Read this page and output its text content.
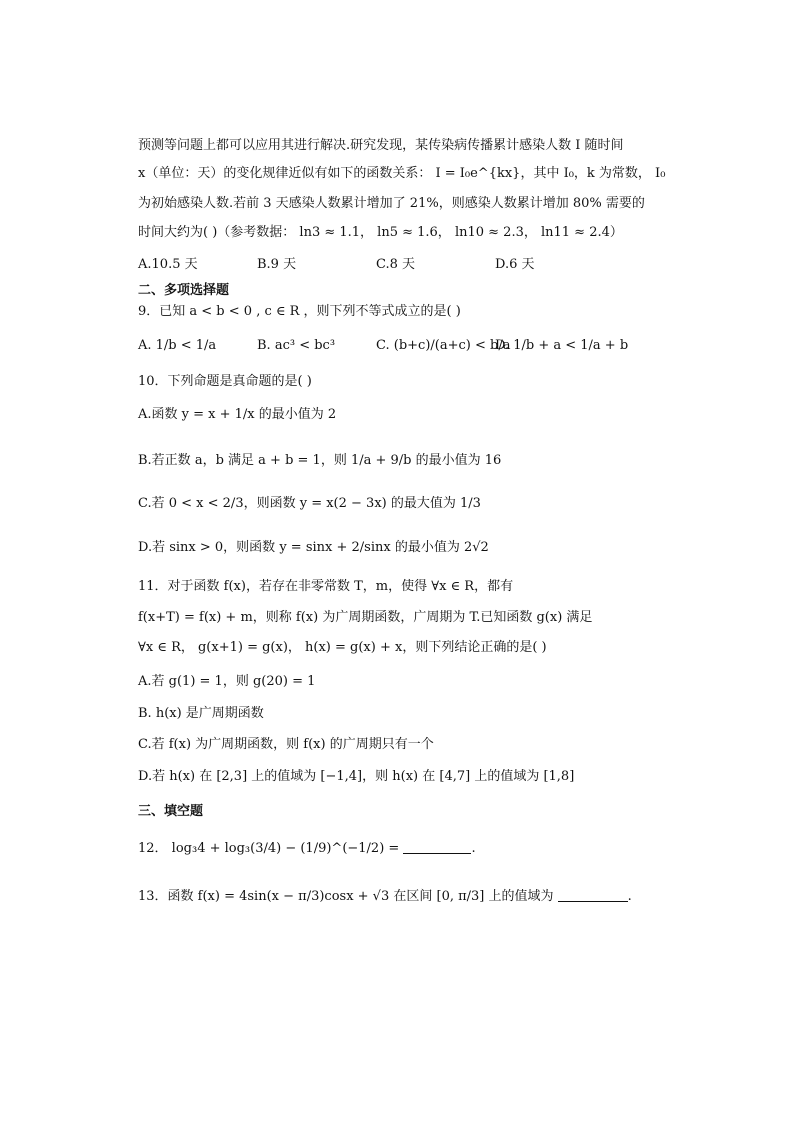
预测等问题上都可以应用其进行解决.研究发现，某传染病传播累计感染人数 I 随时间
x（单位：天）的变化规律近似有如下的函数关系： I = I₀e^{kx}，其中 I₀，k 为常数， I₀
为初始感染人数.若前 3 天感染人数累计增加了 21%，则感染人数累计增加 80% 需要的
时间大约为( )（参考数据： ln3 ≈ 1.1， ln5 ≈ 1.6， ln10 ≈ 2.3， ln11 ≈ 2.4）
A.10.5 天	B.9 天	C.8 天	D.6 天
二、多项选择题
9．已知 a < b < 0 , c ∈ R ，则下列不等式成立的是( )
A. 1/b < 1/a	B. ac³ < bc³	C. (b+c)/(a+c) < b/a
D. 1/b + a < 1/a + b
10．下列命题是真命题的是( )
A.函数 y = x + 1/x 的最小值为 2
B.若正数 a，b 满足 a + b = 1，则 1/a + 9/b 的最小值为 16
C.若 0 < x < 2/3，则函数 y = x(2 − 3x) 的最大值为 1/3
D.若 sinx > 0，则函数 y = sinx + 2/sinx 的最小值为 2√2
11．对于函数 f(x)，若存在非零常数 T，m，使得 ∀x ∈ R，都有
f(x+T) = f(x) + m，则称 f(x) 为广周期函数，广周期为 T.已知函数 g(x) 满足
∀x ∈ R， g(x+1) = g(x)， h(x) = g(x) + x，则下列结论正确的是( )
A.若 g(1) = 1，则 g(20) = 1
B. h(x) 是广周期函数
C.若 f(x) 为广周期函数，则 f(x) 的广周期只有一个
D.若 h(x) 在 [2,3] 上的值域为 [−1,4]，则 h(x) 在 [4,7] 上的值域为 [1,8]
三、填空题
12． log₃4 + log₃(3/4) − (1/9)^(−1/2) =	.
13．函数 f(x) = 4sin(x − π/3)cosx + √3 在区间 [0, π/3] 上的值域为	.
